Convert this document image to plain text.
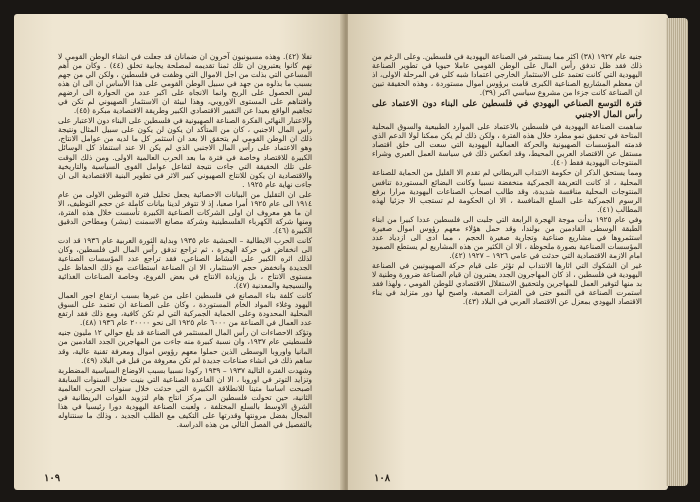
نفلا (٤٢). وهذه مسيونيون آخرون ان ضمانان قد جعلت في انشاء الوطن القومي لا نهم كانوا يعتبرون ان تلك ثمنا تقديمه لمصلحة يجابية تخلق (٤٤) . وكان من أهم المساعي التي بذلت من اجل الاموال التي وظفت في فلسطين ، ولكن الي من جهم بسبب ما بذلوه من جهد في سبيل الوطن القومي على هذا الأساس ان الى ان هذه ليس الحصول على الربح وانما الانجاه على اكبر عدد من الحوارة الى ارضهم وافتناهم على المستوى الاوروبي، وهذا لبيئة ان الاستثمار الصهيوني لم تكن في تجاهيم الواقع بعيدا عن التقيير الاقتصادي الكبير وطريقة الاقتصادية مبكرة (٤٥).

والاعتبار النهائي الفكرة الصناعة الصهيونية في فلسطين على البناء دون الاعتبار على رأس المال الاجنبي ، كان من المتأكد ان يكون لن يكون على سبيل المثال ونتيجة ذلك ان الوطن القومي لم يتحقق الا بعد ان استثمر كل ما لديه من عوامل الانتاج، وهو الاعتماد على رأس المال الاجنبي الذي لم يكن الا عند استنفاذ كل الوسائل الكبيرة للاقتصاد وخاصة في فترة ما بعد الحرب العالمية الاولى. ومن ذلك الوقت على تلك الحقيقة التي جاءت نتيجة لتفاعل عوامل القوى السياسية والتاريخية والاقتصادية ان يكون للانتاج الصهيوني كبير الاثر في تطوير البنية الاقتصادية الى ان جاءت نهاية عام ١٩٢٥ .

على ان التقليل من البيانات الاحصائية يجعل تحليل فترة التوطين الاولى من عام ١٩١٤ الى عام ١٩٢٥ أمرا صعبا، إذ لا تتوفر لدينا بيانات كاملة عن حجم التوظيف، الا ان ما هو معروف ان اولى الشركات الصناعية الكبيرة تأسست خلال هذه الفترة، ومنها شركة الكهرباء الفلسطينية وشركة مصانع الاسمنت (نيشر) ومطاحن الدقيق الكبيرة (٤٦).

كانت الحرب الايطالية – الحبشية عام ١٩٣٥ وبداية الثورة العربية عام ١٩٣٦ قد ادت الى انخفاض في حركة الهجرة ، ثم تراجع تدفق رأس المال الى فلسطين، وكان لذلك اثره الكبير على النشاط الصناعي، فقد تراجع عدد المؤسسات الصناعية الجديدة وانخفض حجم الاستثمار، الا ان الصناعة استطاعت مع ذلك الحفاظ على مستوى الانتاج ، بل وزيادة الانتاج في بعض الفروع، وخاصة الصناعات الغذائية والنسيجية والمعدنية (٤٧).

كانت كلفة بناء المصانع في فلسطين اعلى من غيرها بسبب ارتفاع اجور العمال اليهود وغلاء المواد الخام المستوردة ، وكان على الصناعة ان تعتمد على السوق المحلية المحدودة وعلى الحماية الجمركية التي لم تكن كافية، ومع ذلك فقد ارتفع عدد العمال في الصناعة من ٦٠٠٠ عام ١٩٢٥ الى نحو ٢٠٠٠٠ عام ١٩٣٦ (٤٨).

وتؤكد الاحصاءات ان رأس المال المستثمر في الصناعة قد بلغ حوالي ١٢ مليون جنيه فلسطيني عام ١٩٣٧، وان نسبة كبيرة منه جاءت من المهاجرين الجدد القادمين من المانيا واوروبا الوسطى الذين حملوا معهم رؤوس اموال ومعرفة تقنية عالية، وقد ساهم ذلك في انشاء صناعات جديدة لم تكن معروفة من قبل في البلاد (٤٩).

وشهدت الفترة التالية ١٩٣٧ – ١٩٣٩ ركودا نسبيا بسبب الاوضاع السياسية المضطربة وتزايد التوتر في اوروبا ، الا ان القاعدة الصناعية التي بنيت خلال السنوات السابقة اصبحت اساسا متينا للانطلاقة الكبيرة التي حدثت خلال سنوات الحرب العالمية الثانية، حين تحولت فلسطين الى مركز انتاج هام لتزويد القوات البريطانية في الشرق الاوسط بالسلع المختلفة ، ولعبت الصناعة اليهودية دورا رئيسيا في هذا المجال بفضل مرونتها وقدرتها على التكيف مع الطلب الجديد ، وذلك ما سنتناوله بالتفصيل في الفصل التالي من هذه الدراسة.

١٠٩

جنيه عام ١٩٢٧ (٣٨) اكثر مما يستثمر في الصناعة اليهودية في فلسطين. وعلى الرغم من ذلك فقد ظل تدفق رأس المال على الوطن القومي عاملا حيويا في تطوير الصناعة اليهودية التي كانت تعتمد على الاستثمار الخارجي اعتمادا شبه كلي في المرحلة الاولى، اذ ان معظم المشاريع الصناعية الكبرى قامت برؤوس اموال مستوردة ، وهذه الحقيقة تبين ان الصناعة كانت جزءا من مشروع سياسي اكبر (٣٩).

فترة التوسع الصناعي اليهودي في فلسطين على البناء دون الاعتماد على رأس المال الاجنبي

ساهمت الصناعة اليهودية في فلسطين بالاعتماد على الموارد الطبيعية والسوق المحلية المتاحة في تحقيق نمو مطرد خلال هذه الفترة ، ولكن ذلك لم يكن ممكنا لولا الدعم الذي قدمته المؤسسات الصهيونية والحركة العمالية اليهودية التي سعت الى خلق اقتصاد مستقل عن الاقتصاد العربي المحيط، وقد انعكس ذلك في سياسة العمل العبري وشراء المنتوجات اليهودية فقط (٤٠).

ومما يستحق الذكر ان حكومة الانتداب البريطاني لم تقدم الا القليل من الحماية للصناعة المحلية ، اذ كانت التعريفة الجمركية منخفضة نسبيا وكانت البضائع المستوردة تنافس المنتوجات المحلية منافسة شديدة، وقد طالب اصحاب الصناعات اليهودية مرارا برفع الرسوم الجمركية على السلع المنافسة ، الا ان الحكومة لم تستجب الا جزئيا لهذه المطالب (٤١).

وفي عام ١٩٢٥ بدأت موجة الهجرة الرابعة التي جلبت الى فلسطين عددا كبيرا من ابناء الطبقة الوسطى القادمين من بولندا، وقد حمل هؤلاء معهم رؤوس اموال صغيرة استثمروها في مشاريع صناعية وتجارية صغيرة الحجم ، مما ادى الى ازدياد عدد المؤسسات الصناعية بصورة ملحوظة ، الا ان الكثير من هذه المشاريع لم يستطع الصمود امام الازمة الاقتصادية التي حدثت في عامي ١٩٢٦ – ١٩٢٧ (٤٢).

غير ان الشكوك التي اثارها الانتداب لم تؤثر على قيام حركة الصهيونيين في الصناعة اليهودية في فلسطين ، اذ كان المهاجرون الجدد يعتبرون ان قيام الصناعة ضرورة وطنية لا بد منها لتوفير العمل للمهاجرين ولتحقيق الاستقلال الاقتصادي للوطن القومي ، ولهذا فقد استمرت الصناعة في النمو حتى في الفترات الصعبة، واصبح لها دور متزايد في بناء الاقتصاد اليهودي بمعزل عن الاقتصاد العربي في البلاد (٤٣).

١٠٨
